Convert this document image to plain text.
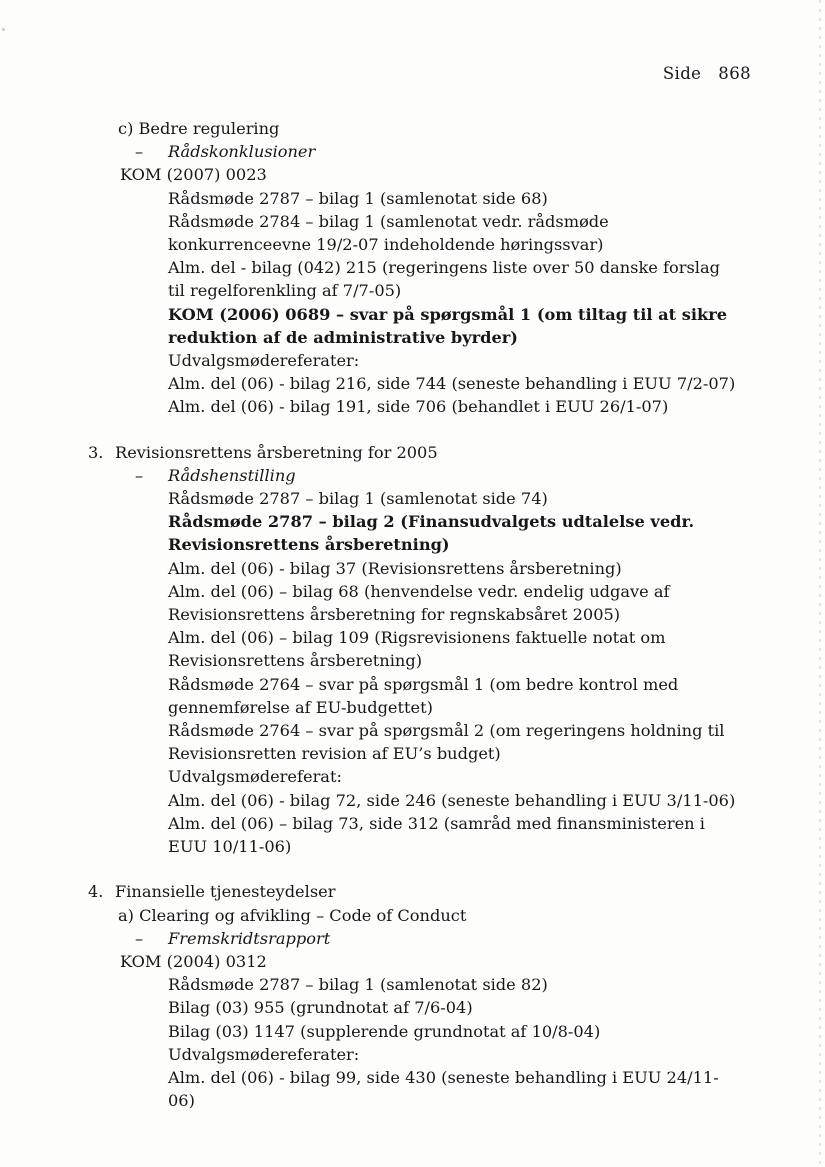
Side 868

c) Bedre regulering
– Rådskonklusioner
KOM (2007) 0023
Rådsmøde 2787 – bilag 1 (samlenotat side 68)
Rådsmøde 2784 – bilag 1 (samlenotat vedr. rådsmøde konkurrenceevne 19/2-07 indeholdende høringssvar)
Alm. del - bilag (042) 215 (regeringens liste over 50 danske forslag til regelforenkling af 7/7-05)
KOM (2006) 0689 – svar på spørgsmål 1 (om tiltag til at sikre reduktion af de administrative byrder)
Udvalgsmødereferater:
Alm. del (06) - bilag 216, side 744 (seneste behandling i EUU 7/2-07)
Alm. del (06) - bilag 191, side 706 (behandlet i EUU 26/1-07)
3. Revisionsrettens årsberetning for 2005
– Rådshenstilling
Rådsmøde 2787 – bilag 1 (samlenotat side 74)
Rådsmøde 2787 – bilag 2 (Finansudvalgets udtalelse vedr. Revisionsrettens årsberetning)
Alm. del (06) - bilag 37 (Revisionsrettens årsberetning)
Alm. del (06) – bilag 68 (henvendelse vedr. endelig udgave af Revisionsrettens årsberetning for regnskabsåret 2005)
Alm. del (06) – bilag 109 (Rigsrevisionens faktuelle notat om Revisionsrettens årsberetning)
Rådsmøde 2764 – svar på spørgsmål 1 (om bedre kontrol med gennemførelse af EU-budgettet)
Rådsmøde 2764 – svar på spørgsmål 2 (om regeringens holdning til Revisionsretten revision af EU’s budget)
Udvalgsmødereferat:
Alm. del (06) - bilag 72, side 246 (seneste behandling i EUU 3/11-06)
Alm. del (06) – bilag 73, side 312 (samråd med finansministeren i EUU 10/11-06)
4. Finansielle tjenesteydelser
a) Clearing og afvikling – Code of Conduct
– Fremskridtsrapport
KOM (2004) 0312
Rådsmøde 2787 – bilag 1 (samlenotat side 82)
Bilag (03) 955 (grundnotat af 7/6-04)
Bilag (03) 1147 (supplerende grundnotat af 10/8-04)
Udvalgsmødereferater:
Alm. del (06) - bilag 99, side 430 (seneste behandling i EUU 24/11-06)
